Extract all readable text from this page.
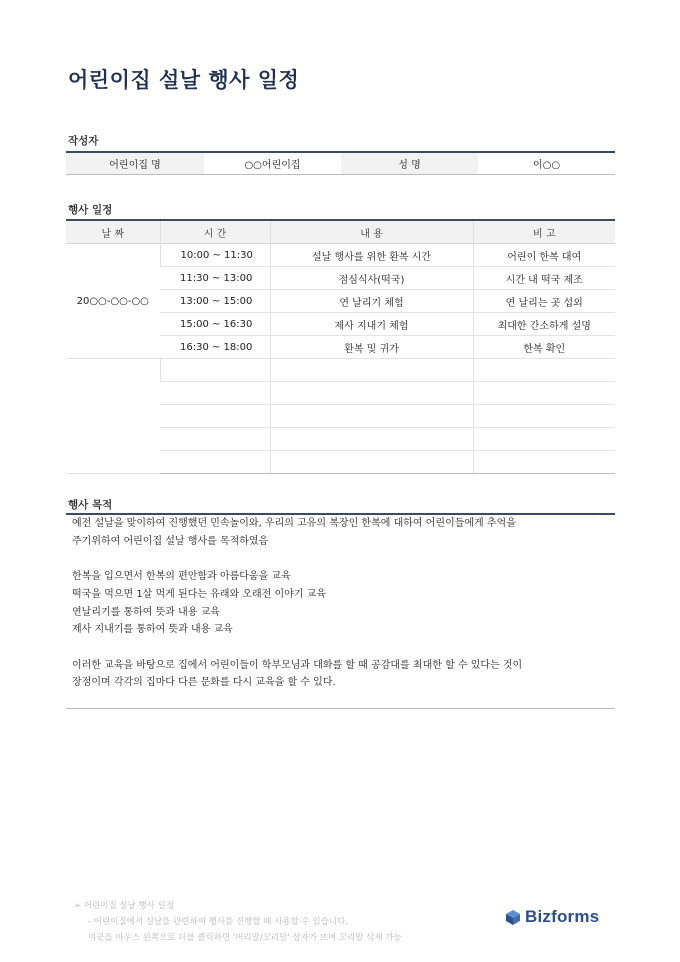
어린이집 설날 행사 일정
작성자
어린이집 명	○○어린이집	성 명	이○○
행사 일정
날 짜	시 간	내 용	비 고
20○○-○○-○○	10:00 ~ 11:30	설날 행사를 위한 환복 시간	어린이 한복 대여
	11:30 ~ 13:00	점심식사(떡국)	시간 내 떡국 제조
	13:00 ~ 15:00	연 날리기 체험	연 날리는 곳 섭외
	15:00 ~ 16:30	제사 지내기 체험	최대한 간소하게 설명
	16:30 ~ 18:00	환복 및 귀가	한복 확인

행사 목적

예전 설날을 맞이하여 진행했던 민속놀이와, 우리의 고유의 복장인 한복에 대하여 어린이들에게 추억을

주기위하여 어린이집 설날 행사를 목적하였음

한복을 입으면서 한복의 편안함과 아름다움을 교육

떡국을 먹으면 1살 먹게 된다는 유래와 오래전 이야기 교육

연날리기를 통하여 뜻과 내용 교육

제사 지내기를 통하여 뜻과 내용 교육

이러한 교육을 바탕으로 집에서 어린이들이 학부모님과 대화를 할 때 공감대를 최대한 할 수 있다는 것이

장점이며 각각의 집마다 다른 문화를 다시 교육을 할 수 있다.

➢ 어린이집 설날 행사 일정
- 어린이집에서 설날을 관련하여 행사를 진행할 때 사용할 수 있습니다.
이곳을 마우스 왼쪽으로 더블 클릭하면 '머리말/꼬리말' 상자가 뜨며 꼬리말 삭제 가능
Bizforms
